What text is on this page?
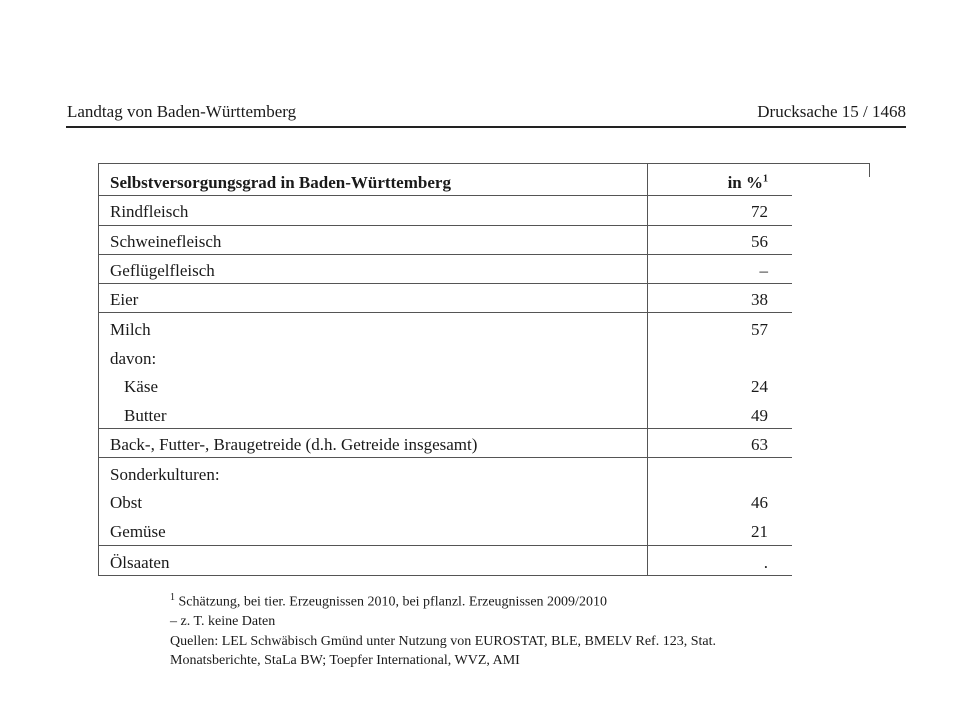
Landtag von Baden-Württemberg	Drucksache 15 / 1468
Selbstversorgungsgrad in Baden-Württemberg	in %$^1$
Rindfleisch	72
Schweinefleisch	56
Geflügelfleisch	–
Eier	38
Milch	57
davon:
Käse	24
Butter	49
Back-, Futter-, Braugetreide (d.h. Getreide insgesamt)	63
Sonderkulturen:
Obst	46
Gemüse	21
Ölsaaten	.
$^1$ Schätzung, bei tier. Erzeugnissen 2010, bei pflanzl. Erzeugnissen 2009/2010
– z. T. keine Daten
Quellen: LEL Schwäbisch Gmünd unter Nutzung von EUROSTAT, BLE, BMELV Ref. 123, Stat.
Monatsberichte, StaLa BW; Toepfer International, WVZ, AMI
